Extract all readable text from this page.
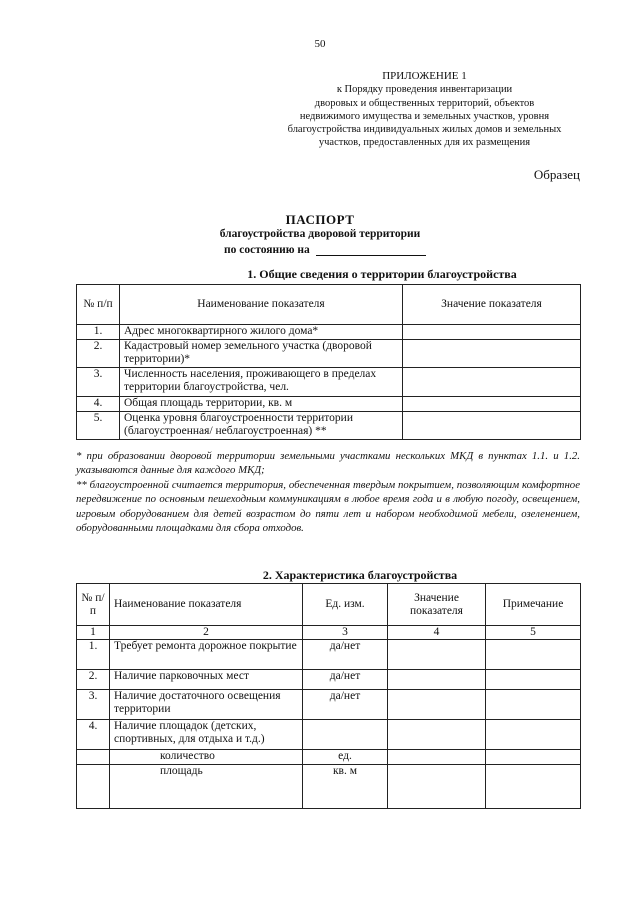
50
ПРИЛОЖЕНИЕ 1
к Порядку проведения инвентаризации
дворовых и общественных территорий, объектов
недвижимого имущества и земельных участков, уровня
благоустройства индивидуальных жилых домов и земельных
участков, предоставленных для их размещения
Образец
ПАСПОРТ
благоустройства дворовой территории
по состоянию на
1. Общие сведения о территории благоустройства
№ п/п	Наименование показателя	Значение показателя
1.	Адрес многоквартирного жилого дома*	
2.	Кадастровый номер земельного участка (дворовой территории)*	
3.	Численность населения, проживающего в пределах территории благоустройства, чел.	
4.	Общая площадь территории, кв. м	
5.	Оценка уровня благоустроенности территории (благоустроенная/ неблагоустроенная) **	

* при образовании дворовой территории земельными участками нескольких МКД в пунктах 1.1. и 1.2. указываются данные для каждого МКД;

** благоустроенной считается территория, обеспеченная твердым покрытием, позволяющим комфортное передвижение по основным пешеходным коммуникациям в любое время года и в любую погоду, освещением, игровым оборудованием для детей возрастом до пяти лет и набором необходимой мебели, озеленением, оборудованными площадками для сбора отходов.

2. Характеристика благоустройства
№ п/п	Наименование показателя	Ед. изм.	Значение показателя	Примечание
1	2	3	4	5
1.	Требует ремонта дорожное покрытие	да/нет		
2.	Наличие парковочных мест	да/нет		
3.	Наличие достаточного освещения территории	да/нет		
4.	Наличие площадок (детских, спортивных, для отдыха и т.д.)			
	количество	ед.		
	площадь	кв. м		
